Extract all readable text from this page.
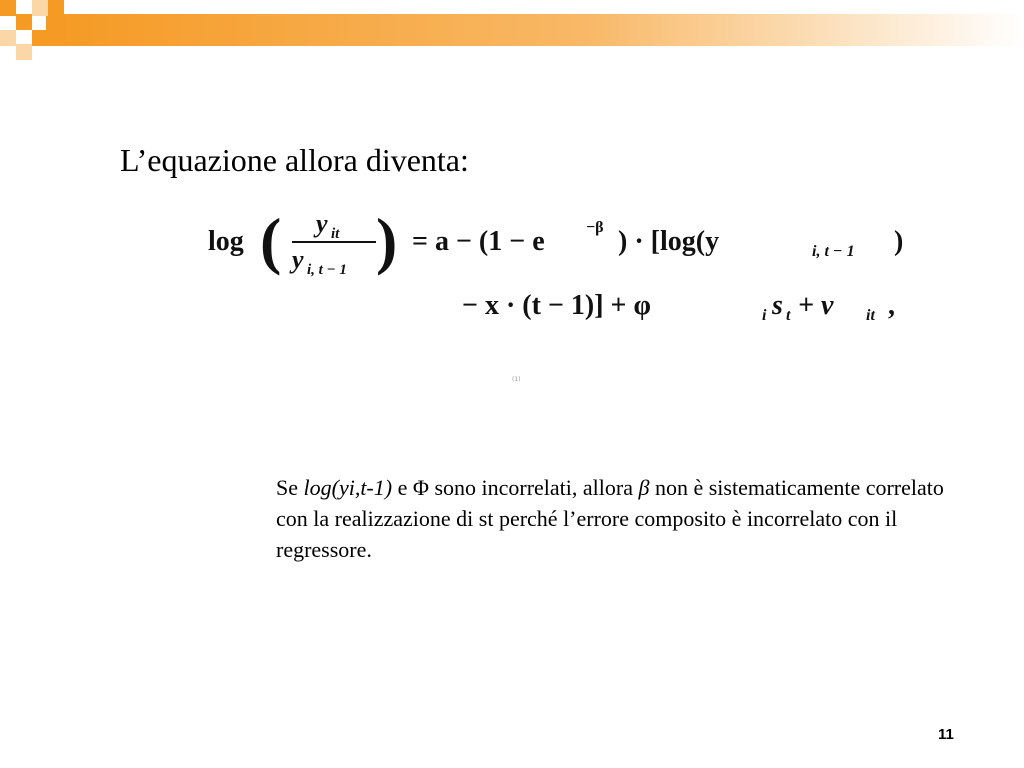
L’equazione allora diventa:
log ( y it
y i, t − 1 ) = a − (1 − e	−β ) · [log(y	i, t − 1 )
− x · (t − 1)] + φ	i s t + v it ,
(1)
Se log(yi,t-1) e Φ sono incorrelati, allora β non è sistematicamente correlato con la realizzazione di st perché l’errore composito è incorrelato con il regressore.
11
